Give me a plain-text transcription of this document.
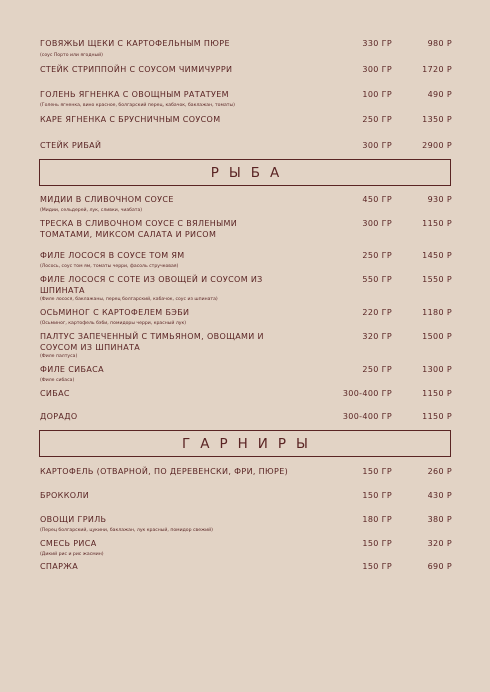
ГОВЯЖЬИ ЩЕКИ С КАРТОФЕЛЬНЫМ ПЮРЕ	330 ГР	980 Р
(соус Порто или ягодный)
СТЕЙК СТРИППОЙН С СОУСОМ ЧИМИЧУРРИ	300 ГР	1720 Р
ГОЛЕНЬ ЯГНЕНКА С ОВОЩНЫМ РАТАТУЕМ	100 ГР	490 Р
(Голень ягненка, вино красное, болгарский перец, кабачок, баклажан, томаты)
КАРЕ ЯГНЕНКА С БРУСНИЧНЫМ СОУСОМ	250 ГР	1350 Р
СТЕЙК РИБАЙ	300 ГР	2900 Р
РЫБА
МИДИИ В СЛИВОЧНОМ СОУСЕ	450 ГР	930 Р
(Мидии, сельдерей, лук, сливки, чиабата)
ТРЕСКА В СЛИВОЧНОМ СОУСЕ С ВЯЛЕНЫМИ
ТОМАТАМИ, МИКСОМ САЛАТА И РИСОМ
300 ГР	1150 Р
ФИЛЕ ЛОСОСЯ В СОУСЕ ТОМ ЯМ	250 ГР	1450 Р
(Лосось, соус том ям, томаты черри, фасоль стручковая)
ФИЛЕ ЛОСОСЯ С СОТЕ ИЗ ОВОЩЕЙ И СОУСОМ ИЗ
ШПИНАТА
550 ГР	1550 Р
(Филе лосося, баклажаны, перец болгарский, кабачок, соус из шпината)
ОСЬМИНОГ С КАРТОФЕЛЕМ БЭБИ	220 ГР	1180 Р
(Осьминог, картофель бэби, помидоры черри, красный лук)
ПАЛТУС ЗАПЕЧЕННЫЙ С ТИМЬЯНОМ, ОВОЩАМИ И
СОУСОМ ИЗ ШПИНАТА
320 ГР	1500 Р
(Филе палтуса)
ФИЛЕ СИБАСА	250 ГР	1300 Р
(Филе сибаса)
СИБАС	300-400 ГР	1150 Р
ДОРАДО	300-400 ГР	1150 Р
ГАРНИРЫ
КАРТОФЕЛЬ (ОТВАРНОЙ, ПО ДЕРЕВЕНСКИ, ФРИ, ПЮРЕ)	150 ГР	260 Р
БРОККОЛИ	150 ГР	430 Р
ОВОЩИ ГРИЛЬ	180 ГР	380 Р
(Перец болгарский, цукини, баклажан, лук красный, помидор свежий)
СМЕСЬ РИСА	150 ГР	320 Р
(Дикий рис и рис жасмин)
СПАРЖА	150 ГР	690 Р
